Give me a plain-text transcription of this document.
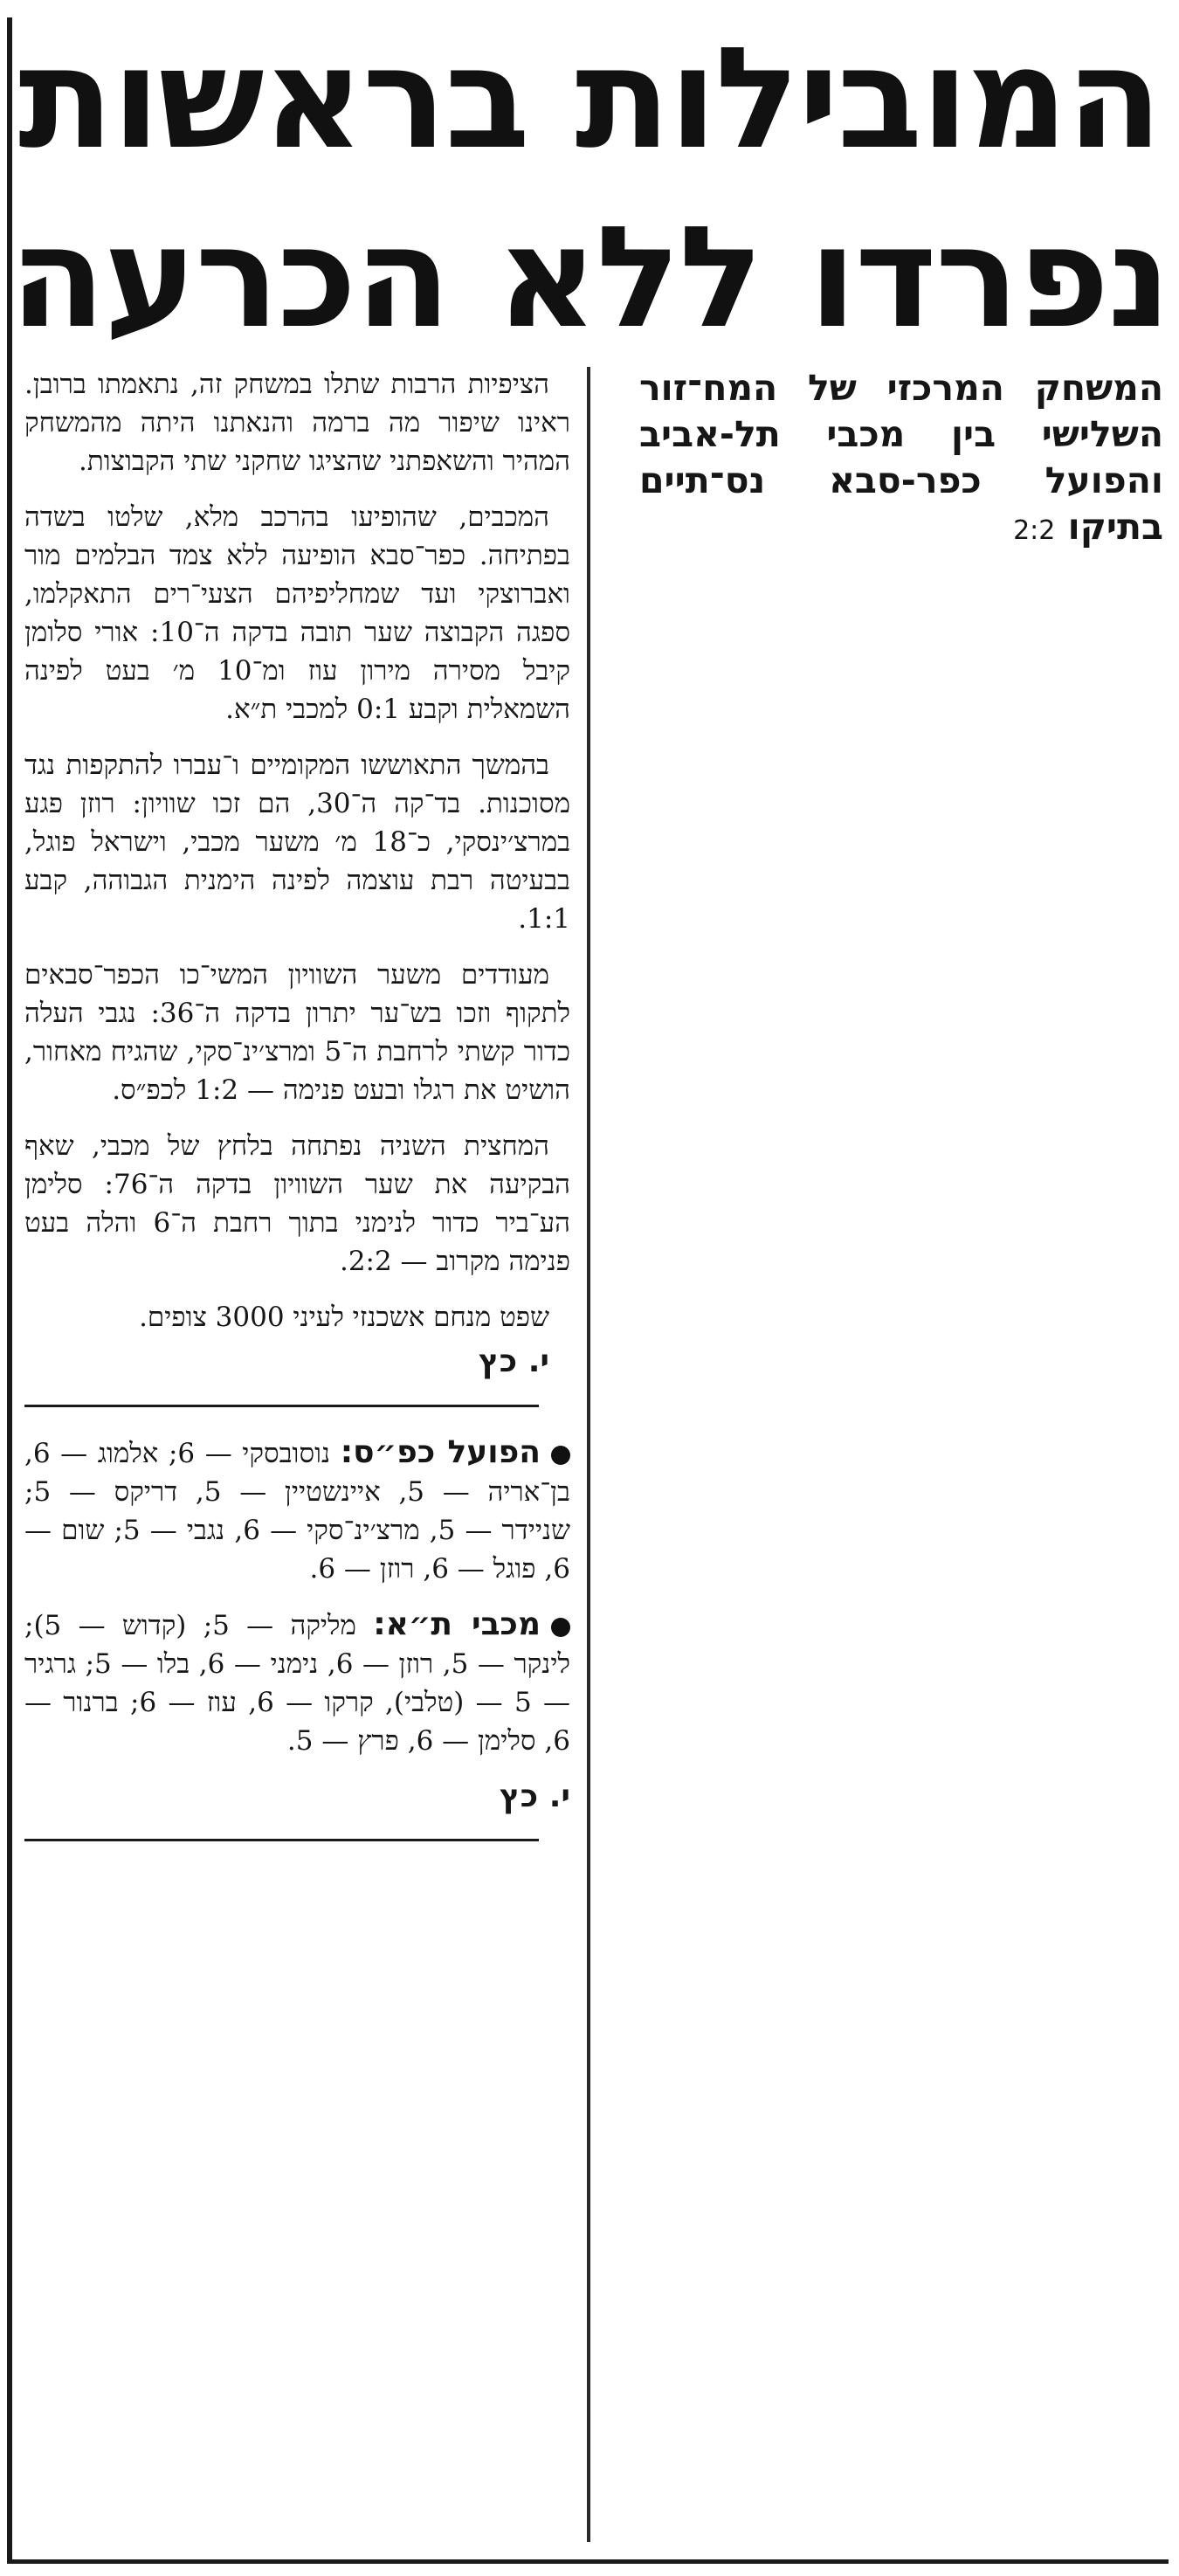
המובילות בראשות
נפרדו ללא הכרעה
המשחק המרכזי של המח־זור השלישי בין מכבי תל-אביב והפועל כפר-סבא נס־תיים בתיקו 2:2

הציפיות הרבות שתלו במשחק זה, נתאמתו ברובן. ראינו שיפור מה ברמה והנאתנו היתה מהמשחק המהיר והשאפתני שהציגו שחקני שתי הקבוצות.

המכבים, שהופיעו בהרכב מלא, שלטו בשדה בפתיחה. כפר־סבא הופיעה ללא צמד הבלמים מור ואברוצקי ועד שמחליפיהם הצעי־רים התאקלמו, ספגה הקבוצה שער תובה בדקה ה־10: אורי סלומן קיבל מסירה מירון עוז ומ־10 מ׳ בעט לפינה השמאלית וקבע 0:1 למכבי ת״א.

בהמשך התאוששו המקומיים ו־עברו להתקפות נגד מסוכנות. בד־קה ה־30, הם זכו שוויון: רוזן פגע במרצ׳ינסקי, כ־18 מ׳ משער מכבי, וישראל פוגל, בבעיטה רבת עוצמה לפינה הימנית הגבוהה, קבע 1:1.

מעודדים משער השוויון המשי־כו הכפר־סבאים לתקוף וזכו בש־ער יתרון בדקה ה־36: נגבי העלה כדור קשתי לרחבת ה־5 ומרצ׳ינ־סקי, שהגיח מאחור, הושיט את רגלו ובעט פנימה — 1:2 לכפ״ס.

המחצית השניה נפתחה בלחץ של מכבי, שאף הבקיעה את שער השוויון בדקה ה־76: סלימן הע־ביר כדור לנימני בתוך רחבת ה־6 והלה בעט פנימה מקרוב — 2:2.

שפט מנחם אשכנזי לעיני 3000 צופים.

י. כץ

הפועל כפ״ס: נוסובסקי — 6; אלמוג — 6, בן־אריה — 5, איינשטיין — 5, דריקס — 5; שניידר — 5, מרצ׳ינ־סקי — 6, נגבי — 5; שום — 6, פוגל — 6, רוזן — 6.

מכבי ת״א: מליקה — 5; (קדוש — 5); לינקר — 5, רוזן — 6, נימני — 6, בלו — 5; גרגיר — 5 — (טלבי), קרקו — 6, עוז — 6; ברנור — 6, סלימן — 6, פרץ — 5.

י. כץ
